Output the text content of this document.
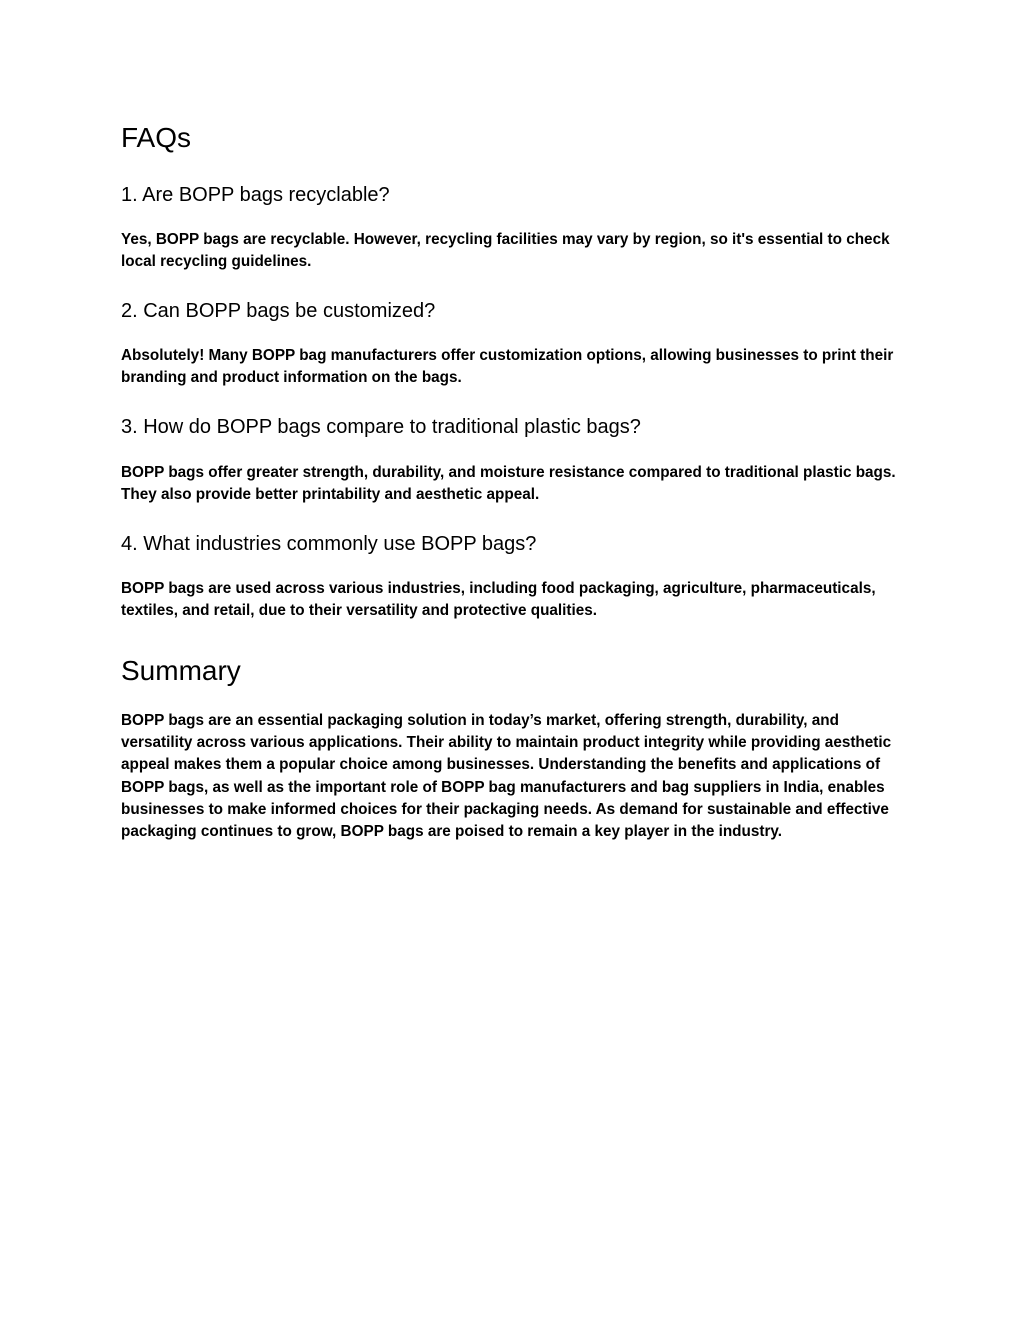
FAQs
1. Are BOPP bags recyclable?

Yes, BOPP bags are recyclable. However, recycling facilities may vary by region, so it's essential to check local recycling guidelines.

2. Can BOPP bags be customized?

Absolutely! Many BOPP bag manufacturers offer customization options, allowing businesses to print their branding and product information on the bags.

3. How do BOPP bags compare to traditional plastic bags?

BOPP bags offer greater strength, durability, and moisture resistance compared to traditional plastic bags. They also provide better printability and aesthetic appeal.

4. What industries commonly use BOPP bags?

BOPP bags are used across various industries, including food packaging, agriculture, pharmaceuticals, textiles, and retail, due to their versatility and protective qualities.

Summary

BOPP bags are an essential packaging solution in today’s market, offering strength, durability, and versatility across various applications. Their ability to maintain product integrity while providing aesthetic appeal makes them a popular choice among businesses. Understanding the benefits and applications of BOPP bags, as well as the important role of BOPP bag manufacturers and bag suppliers in India, enables businesses to make informed choices for their packaging needs. As demand for sustainable and effective packaging continues to grow, BOPP bags are poised to remain a key player in the industry.
